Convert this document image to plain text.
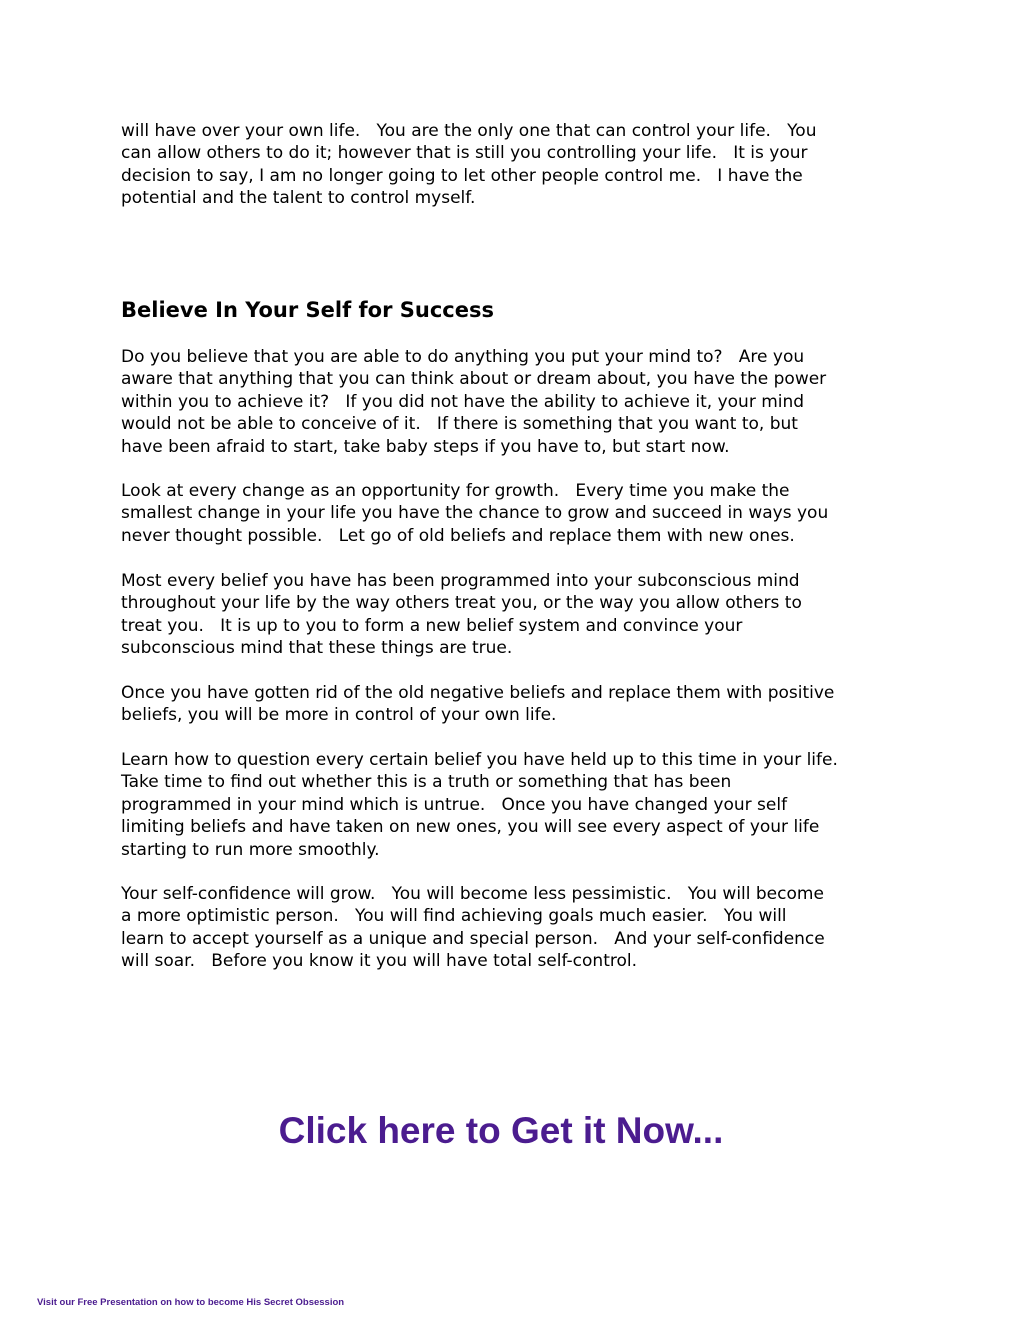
will have over your own life.   You are the only one that can control your life.   You
can allow others to do it; however that is still you controlling your life.   It is your
decision to say, I am no longer going to let other people control me.   I have the
potential and the talent to control myself.

Believe In Your Self for Success

Do you believe that you are able to do anything you put your mind to?   Are you
aware that anything that you can think about or dream about, you have the power
within you to achieve it?   If you did not have the ability to achieve it, your mind
would not be able to conceive of it.   If there is something that you want to, but
have been afraid to start, take baby steps if you have to, but start now.

Look at every change as an opportunity for growth.   Every time you make the
smallest change in your life you have the chance to grow and succeed in ways you
never thought possible.   Let go of old beliefs and replace them with new ones.

Most every belief you have has been programmed into your subconscious mind
throughout your life by the way others treat you, or the way you allow others to
treat you.   It is up to you to form a new belief system and convince your
subconscious mind that these things are true.

Once you have gotten rid of the old negative beliefs and replace them with positive
beliefs, you will be more in control of your own life.

Learn how to question every certain belief you have held up to this time in your life.
Take time to find out whether this is a truth or something that has been
programmed in your mind which is untrue.   Once you have changed your self
limiting beliefs and have taken on new ones, you will see every aspect of your life
starting to run more smoothly.

Your self-confidence will grow.   You will become less pessimistic.   You will become
a more optimistic person.   You will find achieving goals much easier.   You will
learn to accept yourself as a unique and special person.   And your self-confidence
will soar.   Before you know it you will have total self-control.

Click here to Get it Now...
Visit our Free Presentation on how to become His Secret Obsession
